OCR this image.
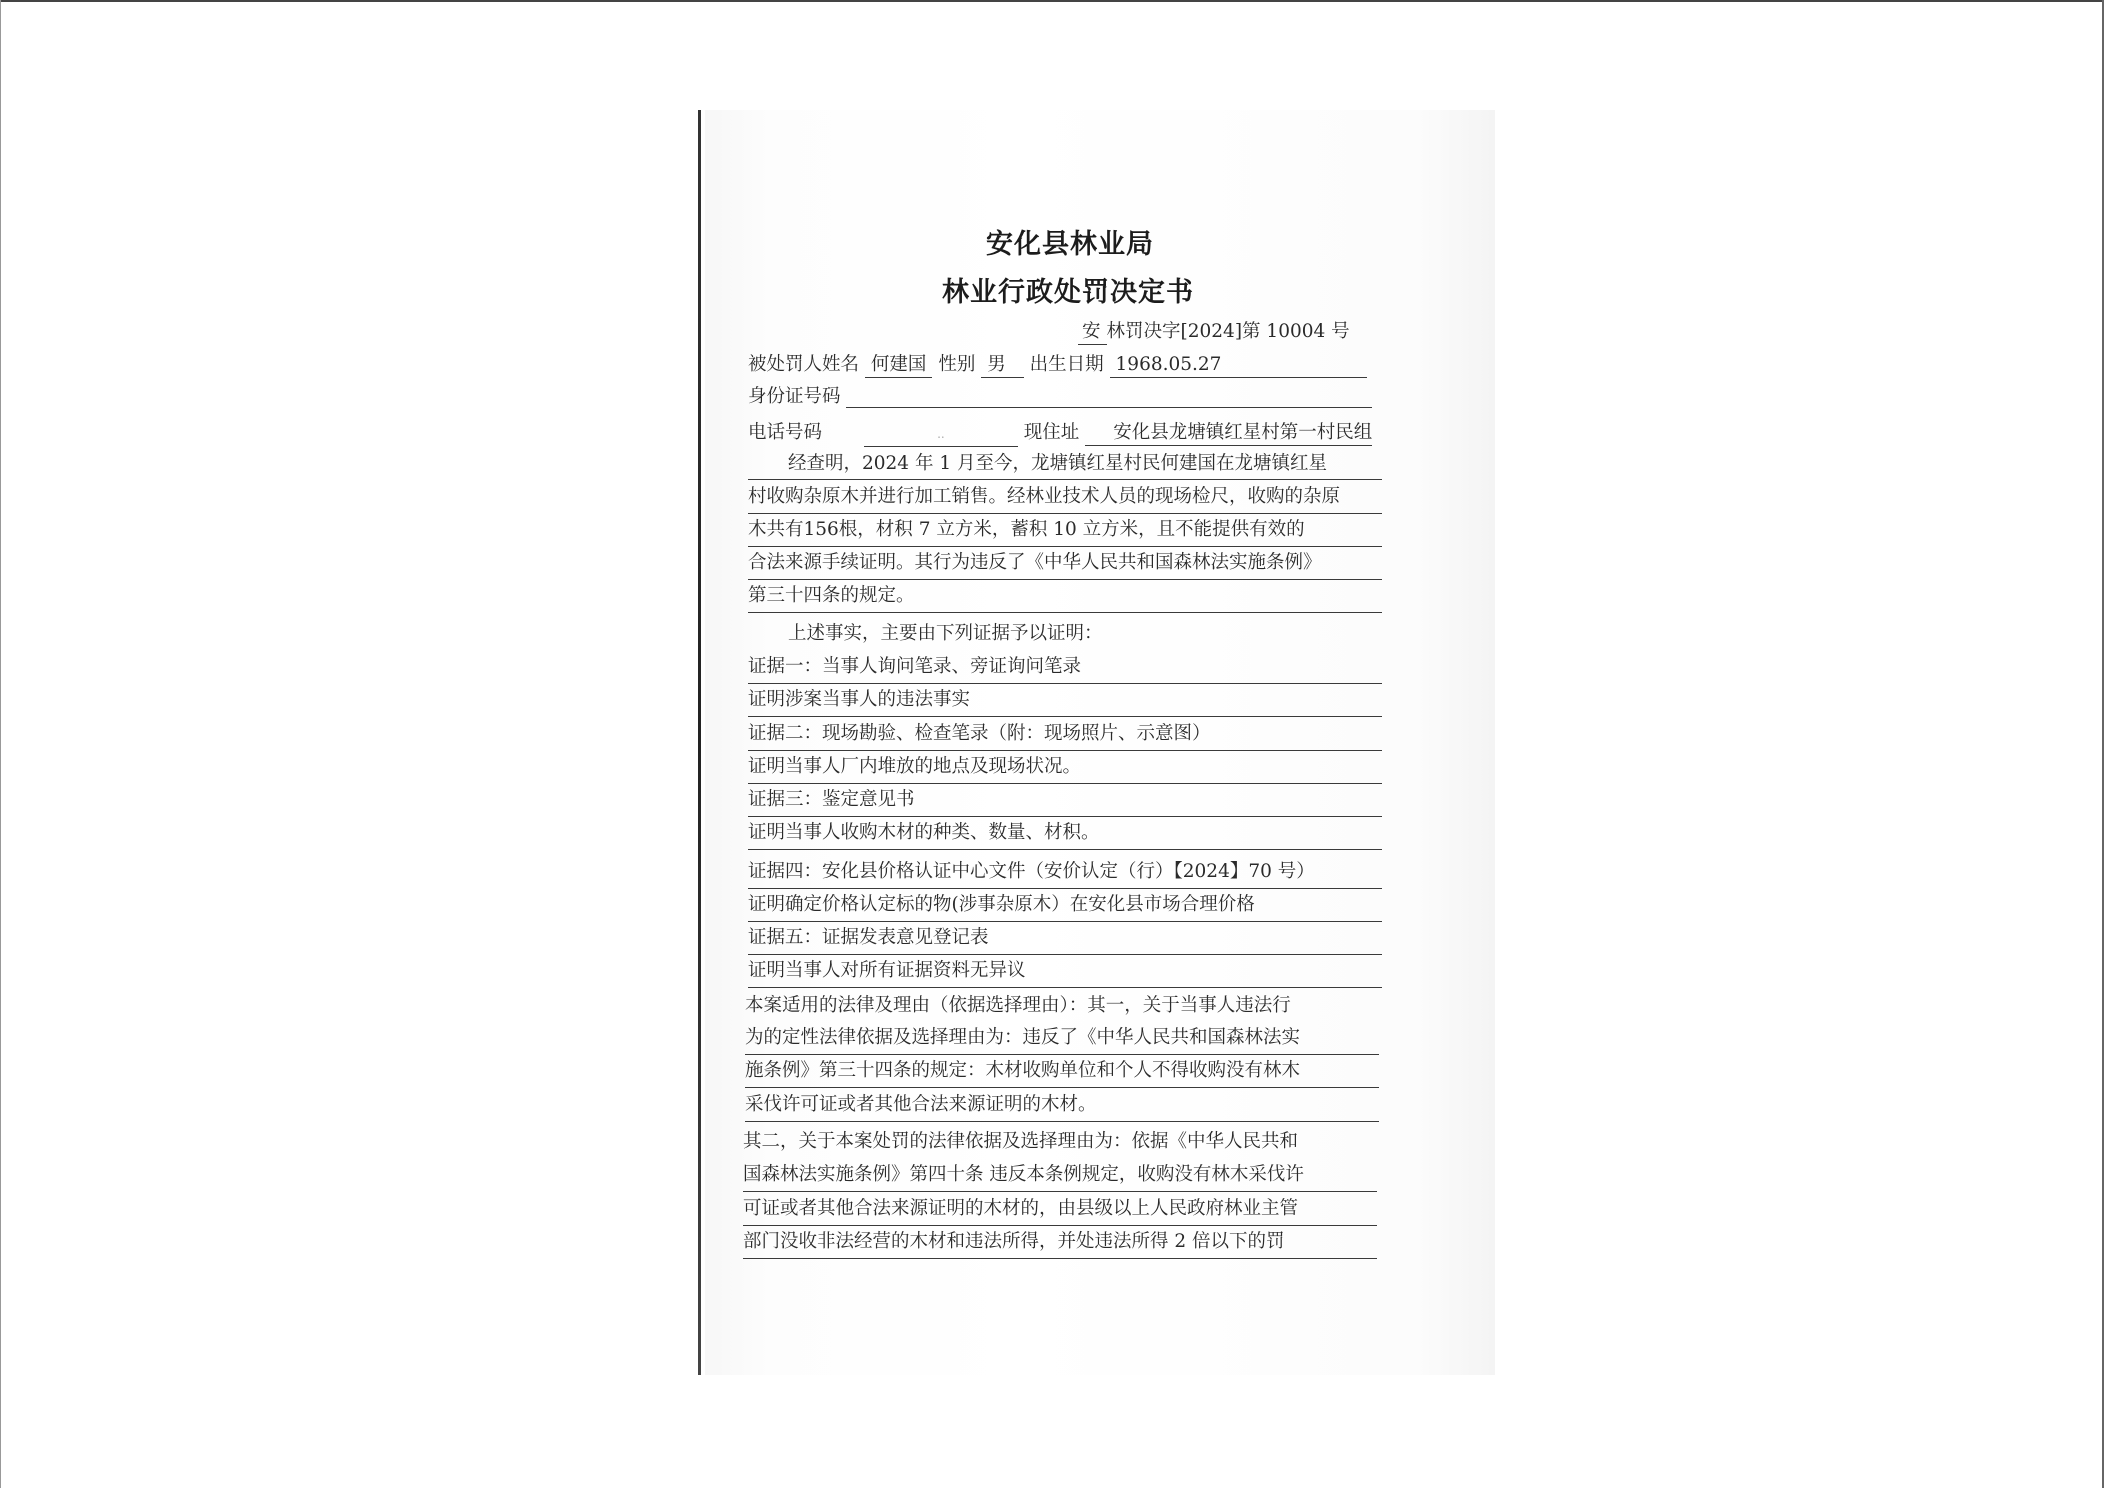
安化县林业局
林业行政处罚决定书
安 林罚决字[2024]第 10004 号
被处罚人姓名 何建国 性别 男 出生日期 1968.05.27
身份证号码
电话号码	..	现住址 安化县龙塘镇红星村第一村民组
经查明，2024 年 1 月至今，龙塘镇红星村民何建国在龙塘镇红星
村收购杂原木并进行加工销售。经林业技术人员的现场检尺，收购的杂原
木共有156根，材积 7 立方米，蓄积 10 立方米，且不能提供有效的
合法来源手续证明。其行为违反了《中华人民共和国森林法实施条例》
第三十四条的规定。
上述事实，主要由下列证据予以证明：
证据一：当事人询问笔录、旁证询问笔录
证明涉案当事人的违法事实
证据二：现场勘验、检查笔录（附：现场照片、示意图）
证明当事人厂内堆放的地点及现场状况。
证据三：鉴定意见书
证明当事人收购木材的种类、数量、材积。
证据四：安化县价格认证中心文件（安价认定（行）【2024】70 号）
证明确定价格认定标的物(涉事杂原木）在安化县市场合理价格
证据五：证据发表意见登记表
证明当事人对所有证据资料无异议
本案适用的法律及理由（依据选择理由）：其一，关于当事人违法行
为的定性法律依据及选择理由为：违反了《中华人民共和国森林法实
施条例》第三十四条的规定：木材收购单位和个人不得收购没有林木
采伐许可证或者其他合法来源证明的木材。
其二，关于本案处罚的法律依据及选择理由为：依据《中华人民共和
国森林法实施条例》第四十条 违反本条例规定，收购没有林木采伐许
可证或者其他合法来源证明的木材的，由县级以上人民政府林业主管
部门没收非法经营的木材和违法所得，并处违法所得 2 倍以下的罚
